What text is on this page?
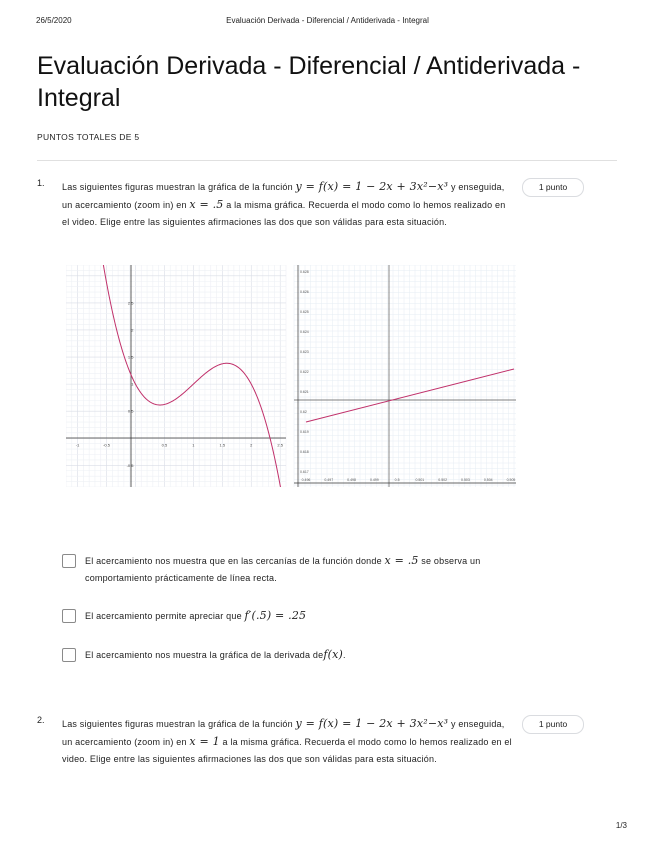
26/5/2020	Evaluación Derivada - Diferencial / Antiderivada - Integral
Evaluación Derivada - Diferencial / Antiderivada - Integral
PUNTOS TOTALES DE 5
1. Las siguientes figuras muestran la gráfica de la función y = f(x) = 1 − 2x + 3x²−x³ y enseguida, un acercamiento (zoom in) en x = .5 a la misma gráfica. Recuerda el modo como lo hemos realizado en el video. Elige entre las siguientes afirmaciones las dos que son válidas para esta situación.
1 punto
-1	-0.5	0.5	1	1.5	2	2.5
2.5
2
1.5
1
0.5
-0.5
0.628
0.626
0.625
0.624
0.623
0.622
0.621
0.62
0.619
0.618
0.617
0.496	0.497	0.498	0.499	0.5	0.501	0.502	0.503	0.504	0.505
El acercamiento nos muestra que en las cercanías de la función donde x = .5 se observa un comportamiento prácticamente de línea recta.
El acercamiento permite apreciar que f′(.5) = .25
El acercamiento nos muestra la gráfica de la derivada def(x).
2. Las siguientes figuras muestran la gráfica de la función y = f(x) = 1 − 2x + 3x²−x³ y enseguida, un acercamiento (zoom in) en x = 1 a la misma gráfica. Recuerda el modo como lo hemos realizado en el video. Elige entre las siguientes afirmaciones las dos que son válidas para esta situación.
1 punto
1/3
